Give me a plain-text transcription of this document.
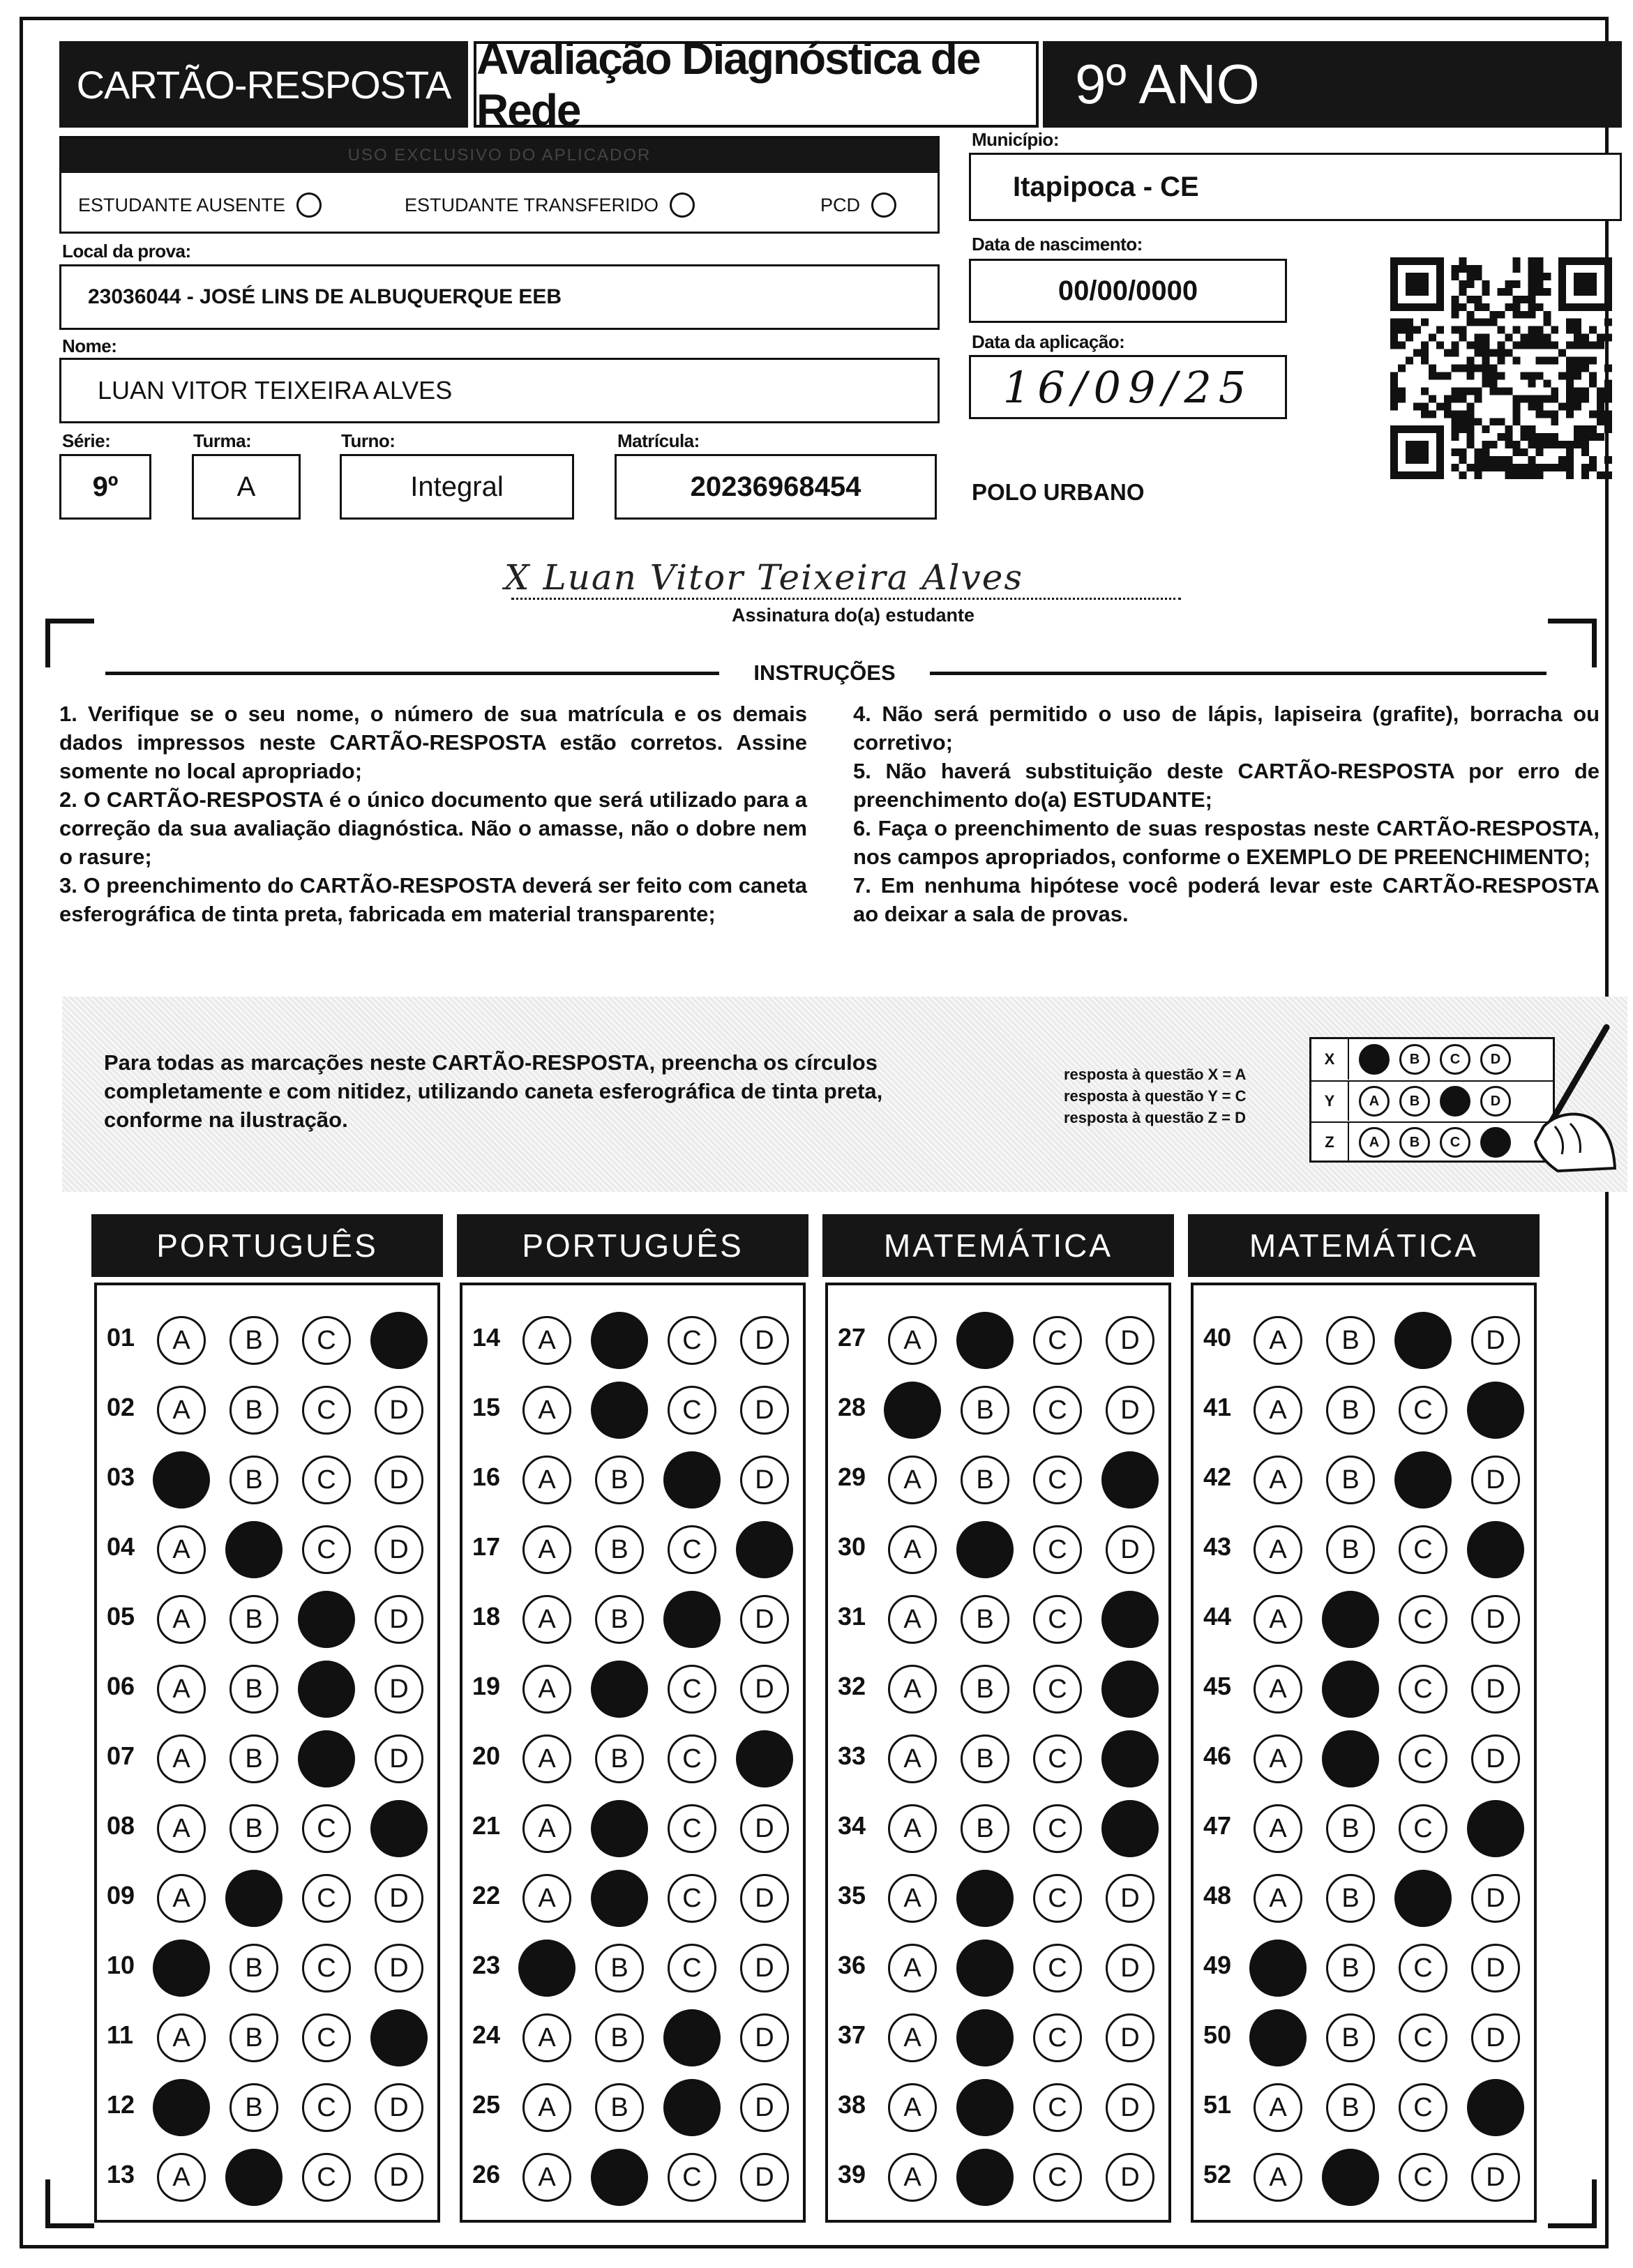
CARTÃO-RESPOSTA
Avaliação Diagnóstica de Rede	9º ANO
USO EXCLUSIVO DO APLICADOR
ESTUDANTE AUSENTE	ESTUDANTE TRANSFERIDO	PCD
Município:
Itapipoca - CE
Local da prova:
23036044 - JOSÉ LINS DE ALBUQUERQUE EEB
Data de nascimento:
00/00/0000
Nome:
LUAN VITOR TEIXEIRA ALVES
Data da aplicação:
16/09/25
Série:
9º
Turma:
A
Turno:
Integral
Matrícula:
20236968454	POLO URBANO
X Luan Vitor Teixeira Alves
Assinatura do(a) estudante
INSTRUÇÕES

1. Verifique se o seu nome, o número de sua matrícula e os demais dados impressos neste CARTÃO-RESPOSTA estão corretos. Assine somente no local apropriado;

2. O CARTÃO-RESPOSTA é o único documento que será utilizado para a correção da sua avaliação diagnóstica. Não o amasse, não o dobre nem o rasure;

3. O preenchimento do CARTÃO-RESPOSTA deverá ser feito com caneta esferográfica de tinta preta, fabricada em material transparente;

4. Não será permitido o uso de lápis, lapiseira (grafite), borracha ou corretivo;

5. Não haverá substituição deste CARTÃO-RESPOSTA por erro de preenchimento do(a) ESTUDANTE;

6. Faça o preenchimento de suas respostas neste CARTÃO-RESPOSTA, nos campos apropriados, conforme o EXEMPLO DE PREENCHIMENTO;

7. Em nenhuma hipótese você poderá levar este CARTÃO-RESPOSTA ao deixar a sala de provas.

Para todas as marcações neste CARTÃO-RESPOSTA, preencha os círculos completamente e com nitidez, utilizando caneta esferográfica de tinta preta, conforme na ilustração.
resposta à questão X = A
resposta à questão Y = C
resposta à questão Z = D
X	A	B	C	D
Y	A	B	C	D
Z	A	B	C	D
PORTUGUÊS
01	A	B	C	D
02	A	B	C	D
03	A	B	C	D
04	A	B	C	D
05	A	B	C	D
06	A	B	C	D
07	A	B	C	D
08	A	B	C	D
09	A	B	C	D
10	A	B	C	D
11	A	B	C	D
12	A	B	C	D
13	A	B	C	D
PORTUGUÊS
14	A	B	C	D
15	A	B	C	D
16	A	B	C	D
17	A	B	C	D
18	A	B	C	D
19	A	B	C	D
20	A	B	C	D
21	A	B	C	D
22	A	B	C	D
23	A	B	C	D
24	A	B	C	D
25	A	B	C	D
26	A	B	C	D
MATEMÁTICA
27	A	B	C	D
28	A	B	C	D
29	A	B	C	D
30	A	B	C	D
31	A	B	C	D
32	A	B	C	D
33	A	B	C	D
34	A	B	C	D
35	A	B	C	D
36	A	B	C	D
37	A	B	C	D
38	A	B	C	D
39	A	B	C	D
MATEMÁTICA
40	A	B	C	D
41	A	B	C	D
42	A	B	C	D
43	A	B	C	D
44	A	B	C	D
45	A	B	C	D
46	A	B	C	D
47	A	B	C	D
48	A	B	C	D
49	A	B	C	D
50	A	B	C	D
51	A	B	C	D
52	A	B	C	D
